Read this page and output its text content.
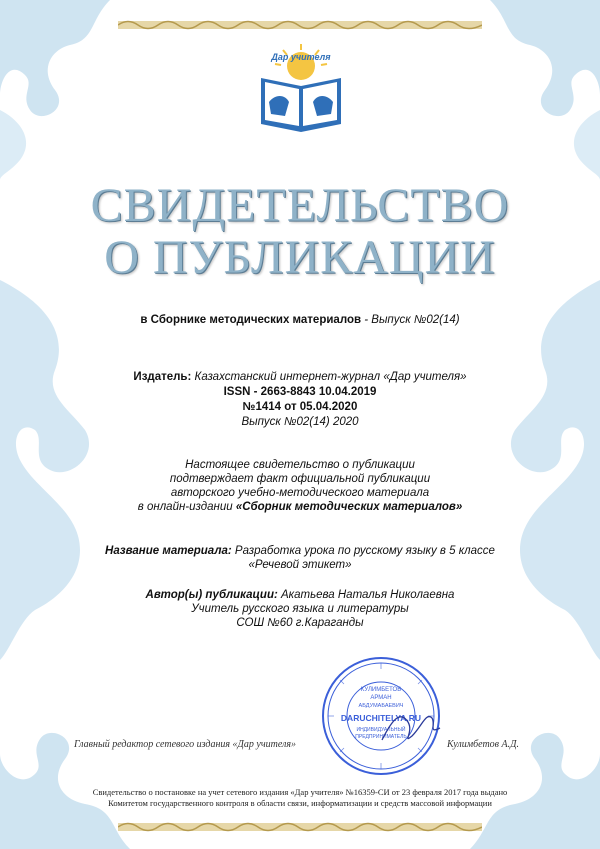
Дар учителя
СВИДЕТЕЛЬСТВО
О ПУБЛИКАЦИИ
в Сборнике методических материалов - Выпуск №02(14)
Издатель: Казахстанский интернет-журнал «Дар учителя»
ISSN - 2663-8843 10.04.2019
№1414 от 05.04.2020
Выпуск №02(14) 2020
Настоящее свидетельство о публикации
подтверждает факт официальной публикации
авторского учебно-методического материала
в онлайн-издании «Сборник методических материалов»
Название материала: Разработка урока по русскому языку в 5 классе
«Речевой этикет»
Автор(ы) публикации: Акатьева Наталья Николаевна
Учитель русского языка и литературы
СОШ №60 г.Караганды
КУЛИМБЕТОВ
АРМАН
АБДУМАБАЕВИЧ
DARUCHITELYA.RU
ИНДИВИДУАЛЬНЫЙ
ПРЕДПРИНИМАТЕЛЬ
Главный редактор сетевого издания «Дар учителя»	Кулимбетов А.Д.
Свидетельство о постановке на учет сетевого издания «Дар учителя» №16359-СИ от 23 февраля 2017 года выдано
Комитетом государственного контроля в области связи, информатизации и средств массовой информации
